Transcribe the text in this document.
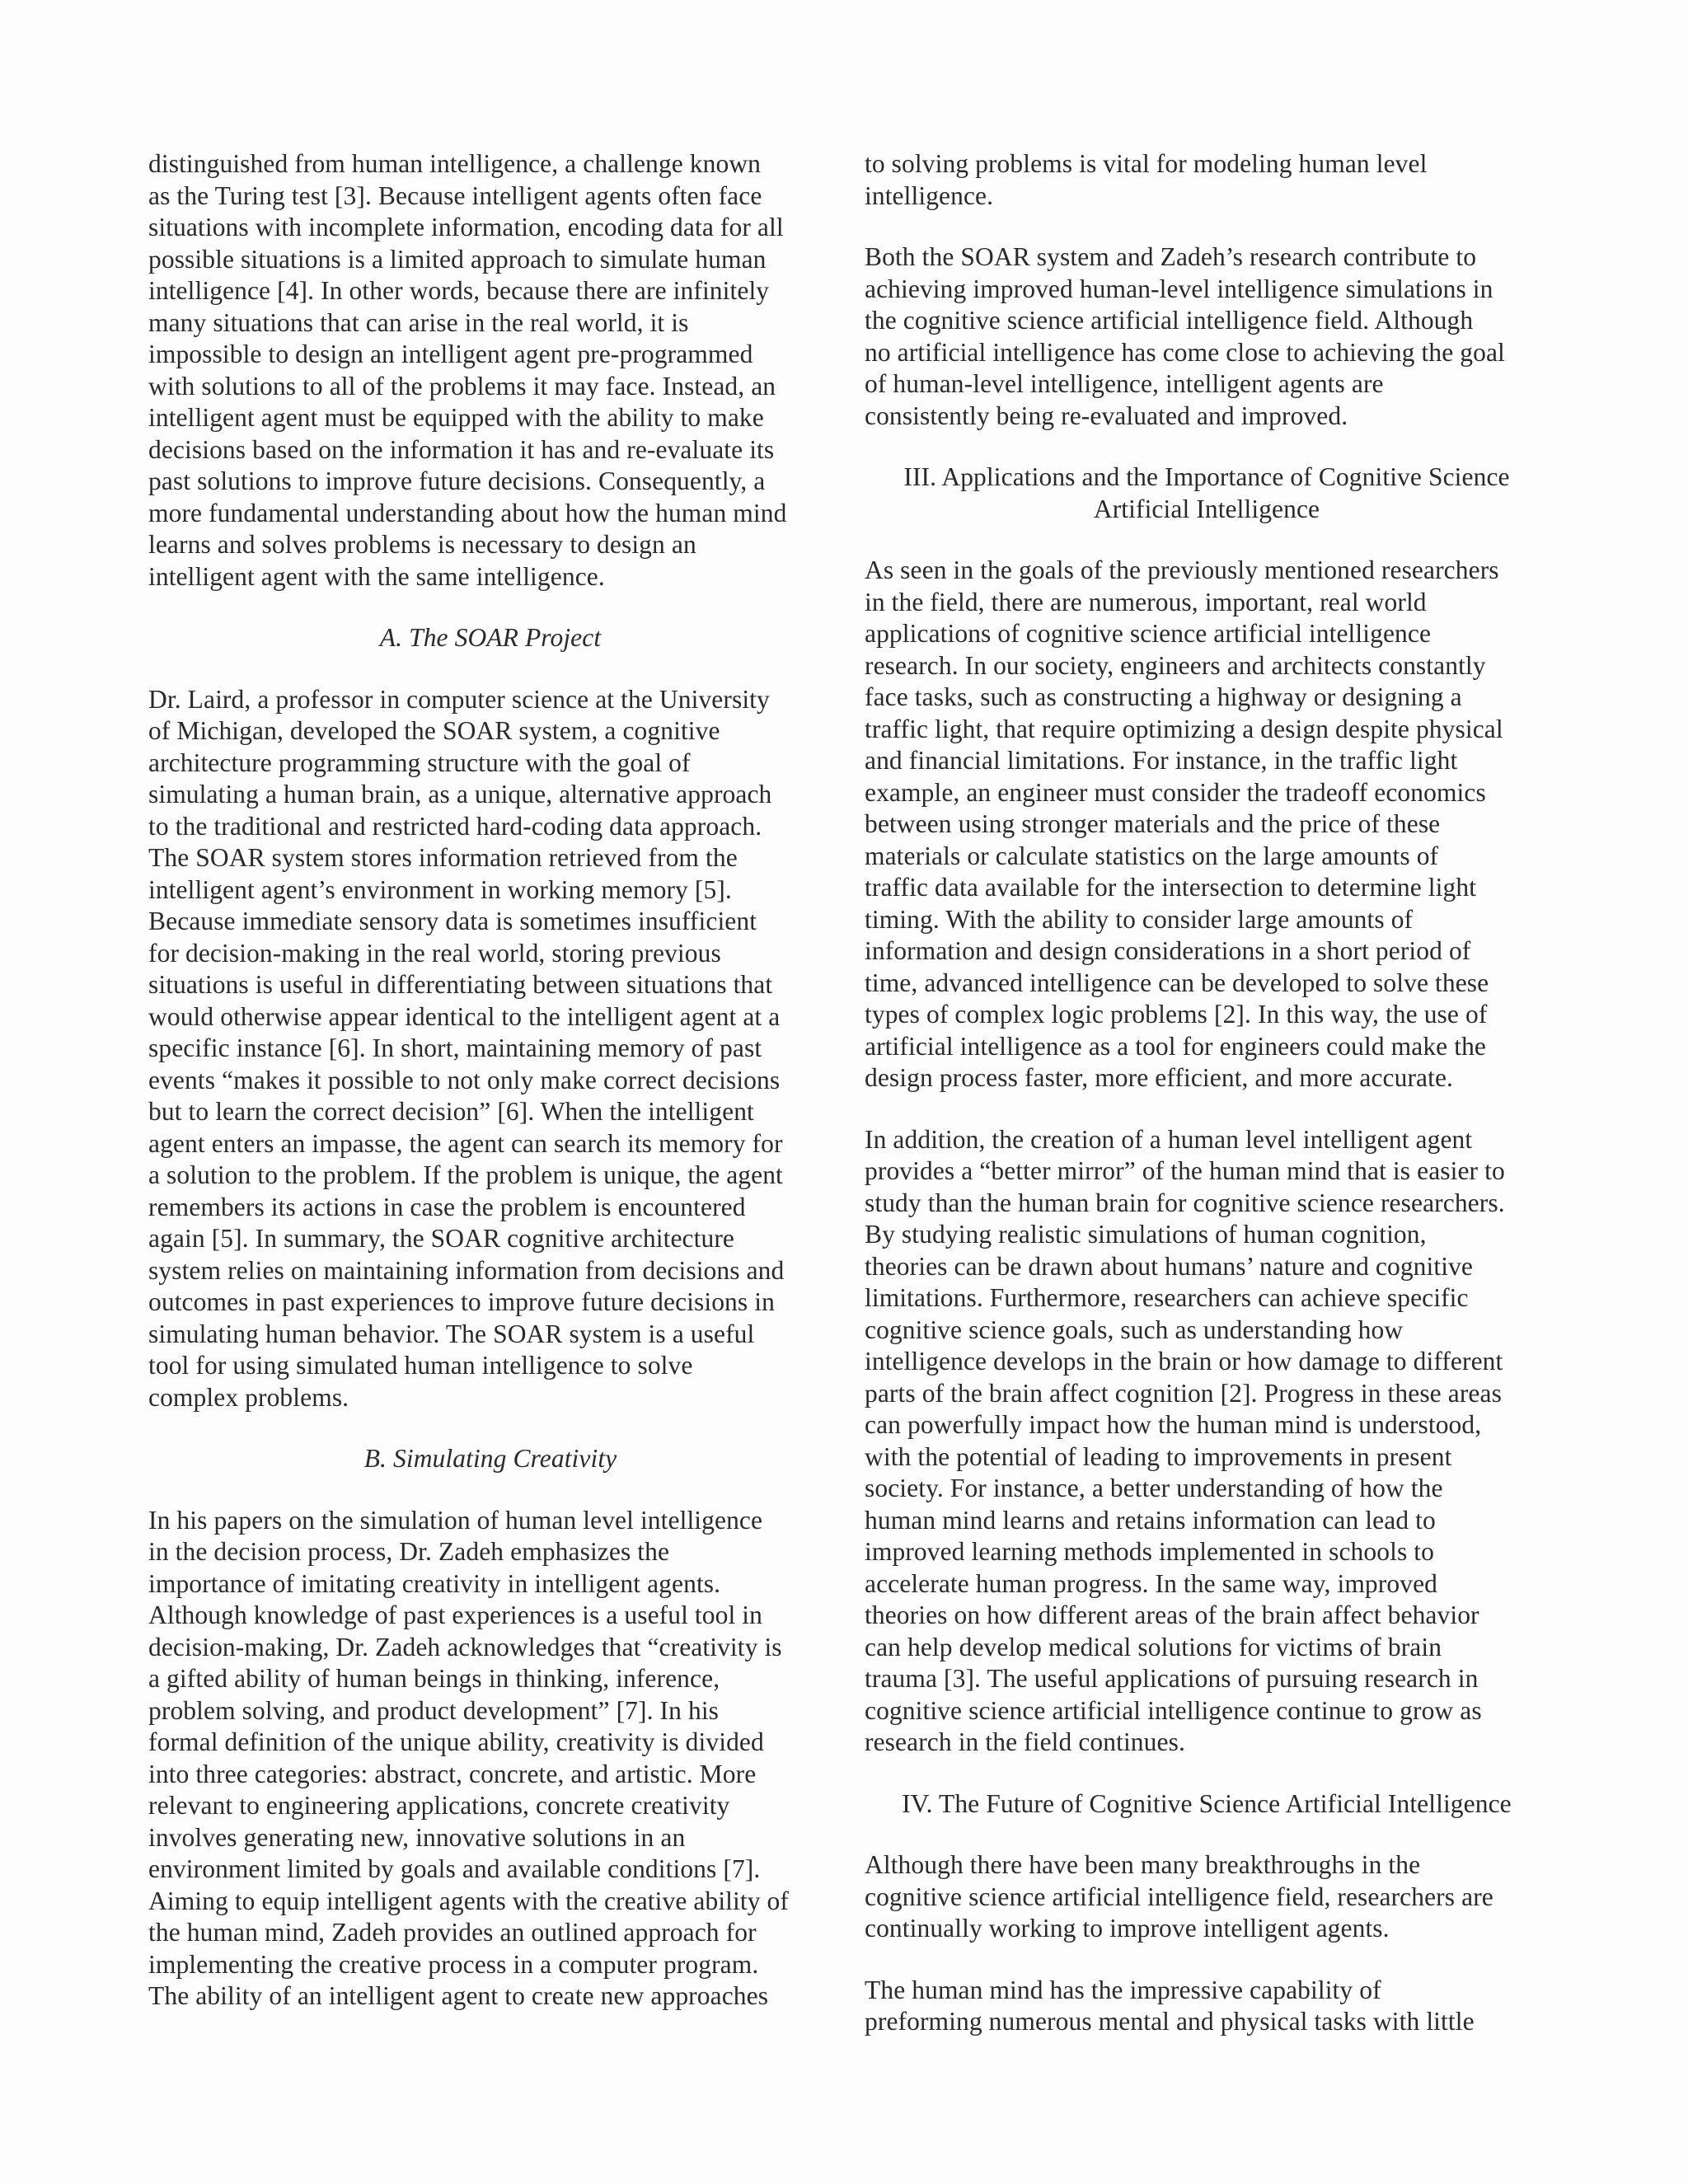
distinguished from human intelligence, a challenge known
as the Turing test [3]. Because intelligent agents often face
situations with incomplete information, encoding data for all
possible situations is a limited approach to simulate human
intelligence [4]. In other words, because there are infinitely
many situations that can arise in the real world, it is
impossible to design an intelligent agent pre-programmed
with solutions to all of the problems it may face. Instead, an
intelligent agent must be equipped with the ability to make
decisions based on the information it has and re-evaluate its
past solutions to improve future decisions. Consequently, a
more fundamental understanding about how the human mind
learns and solves problems is necessary to design an
intelligent agent with the same intelligence.

A. The SOAR Project

Dr. Laird, a professor in computer science at the University
of Michigan, developed the SOAR system, a cognitive
architecture programming structure with the goal of
simulating a human brain, as a unique, alternative approach
to the traditional and restricted hard-coding data approach.
The SOAR system stores information retrieved from the
intelligent agent’s environment in working memory [5].
Because immediate sensory data is sometimes insufficient
for decision-making in the real world, storing previous
situations is useful in differentiating between situations that
would otherwise appear identical to the intelligent agent at a
specific instance [6]. In short, maintaining memory of past
events “makes it possible to not only make correct decisions
but to learn the correct decision” [6]. When the intelligent
agent enters an impasse, the agent can search its memory for
a solution to the problem. If the problem is unique, the agent
remembers its actions in case the problem is encountered
again [5]. In summary, the SOAR cognitive architecture
system relies on maintaining information from decisions and
outcomes in past experiences to improve future decisions in
simulating human behavior. The SOAR system is a useful
tool for using simulated human intelligence to solve
complex problems.

B. Simulating Creativity

In his papers on the simulation of human level intelligence
in the decision process, Dr. Zadeh emphasizes the
importance of imitating creativity in intelligent agents.
Although knowledge of past experiences is a useful tool in
decision-making, Dr. Zadeh acknowledges that “creativity is
a gifted ability of human beings in thinking, inference,
problem solving, and product development” [7]. In his
formal definition of the unique ability, creativity is divided
into three categories: abstract, concrete, and artistic. More
relevant to engineering applications, concrete creativity
involves generating new, innovative solutions in an
environment limited by goals and available conditions [7].
Aiming to equip intelligent agents with the creative ability of
the human mind, Zadeh provides an outlined approach for
implementing the creative process in a computer program.
The ability of an intelligent agent to create new approaches

to solving problems is vital for modeling human level
intelligence.

Both the SOAR system and Zadeh’s research contribute to
achieving improved human-level intelligence simulations in
the cognitive science artificial intelligence field. Although
no artificial intelligence has come close to achieving the goal
of human-level intelligence, intelligent agents are
consistently being re-evaluated and improved.

III. Applications and the Importance of Cognitive Science
Artificial Intelligence

As seen in the goals of the previously mentioned researchers
in the field, there are numerous, important, real world
applications of cognitive science artificial intelligence
research. In our society, engineers and architects constantly
face tasks, such as constructing a highway or designing a
traffic light, that require optimizing a design despite physical
and financial limitations. For instance, in the traffic light
example, an engineer must consider the tradeoff economics
between using stronger materials and the price of these
materials or calculate statistics on the large amounts of
traffic data available for the intersection to determine light
timing. With the ability to consider large amounts of
information and design considerations in a short period of
time, advanced intelligence can be developed to solve these
types of complex logic problems [2]. In this way, the use of
artificial intelligence as a tool for engineers could make the
design process faster, more efficient, and more accurate.

In addition, the creation of a human level intelligent agent
provides a “better mirror” of the human mind that is easier to
study than the human brain for cognitive science researchers.
By studying realistic simulations of human cognition,
theories can be drawn about humans’ nature and cognitive
limitations. Furthermore, researchers can achieve specific
cognitive science goals, such as understanding how
intelligence develops in the brain or how damage to different
parts of the brain affect cognition [2]. Progress in these areas
can powerfully impact how the human mind is understood,
with the potential of leading to improvements in present
society. For instance, a better understanding of how the
human mind learns and retains information can lead to
improved learning methods implemented in schools to
accelerate human progress. In the same way, improved
theories on how different areas of the brain affect behavior
can help develop medical solutions for victims of brain
trauma [3]. The useful applications of pursuing research in
cognitive science artificial intelligence continue to grow as
research in the field continues.

IV. The Future of Cognitive Science Artificial Intelligence

Although there have been many breakthroughs in the
cognitive science artificial intelligence field, researchers are
continually working to improve intelligent agents.

The human mind has the impressive capability of
preforming numerous mental and physical tasks with little
